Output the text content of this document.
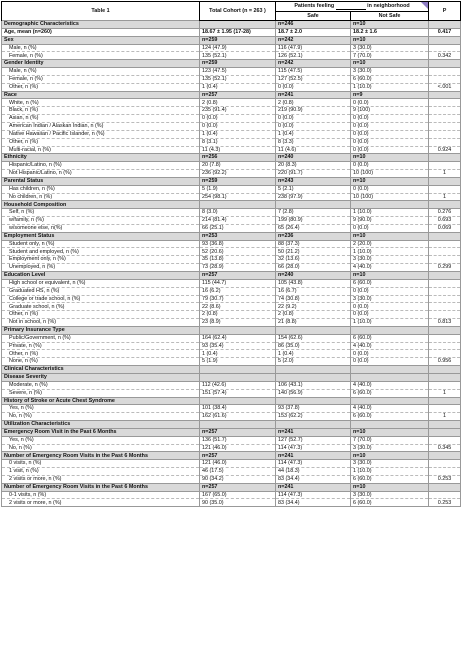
Table 1	Total Cohort (n = 263 )	Patients feeling in neighborhood		P
		Safe	Not Safe	
Demographic Characteristics		n=246	n=10	
Age, mean (n=260)	18.67 ± 1.95 (17-28)	18.7 ± 2.0	18.2 ± 1.6	0.417
Sex	n=259	n=242	n=10	
Male, n (%)	124 (47.9)	116 (47.9)	3 (30.0)	
Female, n (%)	135 (52.1)	126 (52.1)	7 (70.0)	0.342
Gender Identity	n=259	n=242	n=10	
Male, n (%)	123 (47.5)	115 (47.5)	3 (30.0)	
Female, n (%)	135 (52.1)	127 (52.5)	6 (60.0)	
Other, n (%)	1 (0.4)	0 (0.0)	1 (10.0)	<.001
Race	n=257	n=241	n=9	
White, n (%)	2 (0.8)	2 (0.8)	0 (0.0)	
Black, n (%)	235 (91.4)	219 (90.9)	9 (100)	
Asian, n (%)	0 (0.0)	0 (0.0)	0 (0.0)	
American Indian / Alaskan Indian, n (%)	0 (0.0)	0 (0.0)	0 (0.0)	
Native Hawaiian / Pacific Islander, n (%)	1 (0.4)	1 (0.4)	0 (0.0)	
Other, n (%)	8 (3.1)	8 (3.3)	0 (0.0)	
Multi-racial, n (%)	11 (4.3)	11 (4.6)	0 (0.0)	0.924
Ethnicity	n=256	n=240	n=10	
Hispanic/Latino, n (%)	20 (7.8)	20 (8.3)	0 (0.0)	
Not Hispanic/Latino, n (%)	236 (92.2)	220 (91.7)	10 (100)	1
Parental Status	n=259	n=243	n=10	
Has children, n (%)	5 (1.9)	5 (2.1)	0 (0.0)	
No children, n (%)	254 (98.1)	238 (97.9)	10 (100)	1
Household Composition				
Self, n (%)	8 (3.0)	7 (2.8)	1 (10.0)	0.276
w/family, n (%)	214 (81.4)	199 (80.9)	9 (90.0)	0.693
w/someone else, n(%)	66 (25.1)	65 (26.4)	0 (0.0)	0.069
Employment Status	n=253	n=236	n=10	
Student only, n (%)	93 (36.8)	88 (37.3)	2 (20.0)	
Student and employed, n (%)	52 (20.6)	50 (21.2)	1 (10.0)	
Employment only, n (%)	35 (13.8)	32 (13.6)	3 (30.0)	
Unemployed, n (%)	73 (28.9)	66 (28.0)	4 (40.0)	0.299
Education Level	n=257	n=240	n=10	
High school or equivalent, n (%)	115 (44.7)	105 (43.8)	6 (60.0)	
Graduated HS, n (%)	16 (6.2)	16 (6.7)	0 (0.0)	
College or trade school, n (%)	79 (30.7)	74 (30.8)	3 (30.0)	
Graduate school, n (%)	22 (8.6)	22 (9.2)	0 (0.0)	
Other, n (%)	2 (0.8)	2 (0.8)	0 (0.0)	
Not in school, n (%)	23 (8.9)	21 (8.8)	1 (10.0)	0.813
Primary Insurance Type				
Public/Government, n (%)	164 (62.4)	154 (62.6)	6 (60.0)	
Private, n (%)	93 (35.4)	86 (35.0)	4 (40.0)	
Other, n (%)	1 (0.4)	1 (0.4)	0 (0.0)	
None, n (%)	5 (1.9)	5 (2.0)	0 (0.0)	0.956
Clinical Characteristics				
Disease Severity				
Moderate, n (%)	112 (42.6)	106 (43.1)	4 (40.0)	
Severe, n (%)	151 (57.4)	140 (56.9)	6 (60.0)	1
History of Stroke or Acute Chest Syndrome				
Yes, n (%)	101 (38.4)	93 (37.8)	4 (40.0)	
No, n (%)	162 (61.6)	153 (62.2)	6 (60.0)	1
Utilization Characteristics				
Emergency Room Visit in the Past 6 Months	n=257	n=241	n=10	
Yes, n (%)	136 (51.7)	127 (52.7)	7 (70.0)	
No, n (%)	121 (46.0)	114 (47.3)	3 (30.0)	0.345
Number of Emergency Room Visits in the Past 6 Months	n=257	n=241	n=10	
0 visits, n (%)	121 (46.0)	114 (47.3)	3 (30.0)	
1 visit, n (%)	46 (17.5)	44 (18.3)	1 (10.0)	
2 visits or more, n (%)	90 (34.2)	83 (34.4)	6 (60.0)	0.253
Number of Emergency Room Visits in the Past 6 Months	n=257	n=241	n=10	
0-1 visits, n (%)	167 (65.0)	114 (47.3)	3 (30.0)	
2 visits or more, n (%)	90 (35.0)	83 (34.4)	6 (60.0)	0.253
